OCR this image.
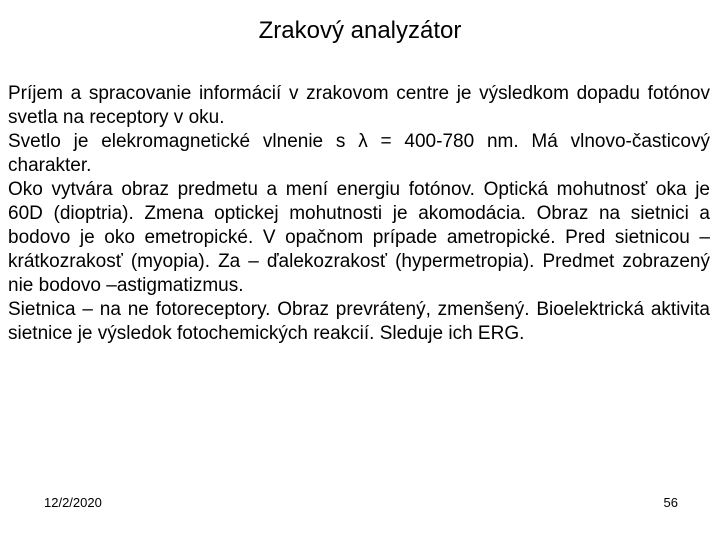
Zrakový analyzátor

Príjem a spracovanie informácií v zrakovom centre je výsledkom dopadu fotónov svetla na receptory v oku.

Svetlo je elekromagnetické vlnenie s λ = 400-780 nm. Má vlnovo-časticový charakter.

Oko vytvára obraz predmetu a mení energiu fotónov. Optická mohutnosť oka je 60D (dioptria). Zmena optickej mohutnosti je akomodácia. Obraz na sietnici a bodovo je oko emetropické. V opačnom prípade ametropické. Pred sietnicou – krátkozrakosť (myopia). Za – ďalekozrakosť (hypermetropia). Predmet zobrazený nie bodovo –astigmatizmus.

Sietnica – na ne fotoreceptory. Obraz prevrátený, zmenšený. Bioelektrická aktivita sietnice je výsledok fotochemických reakcií. Sleduje ich ERG.

12/2/2020	56
